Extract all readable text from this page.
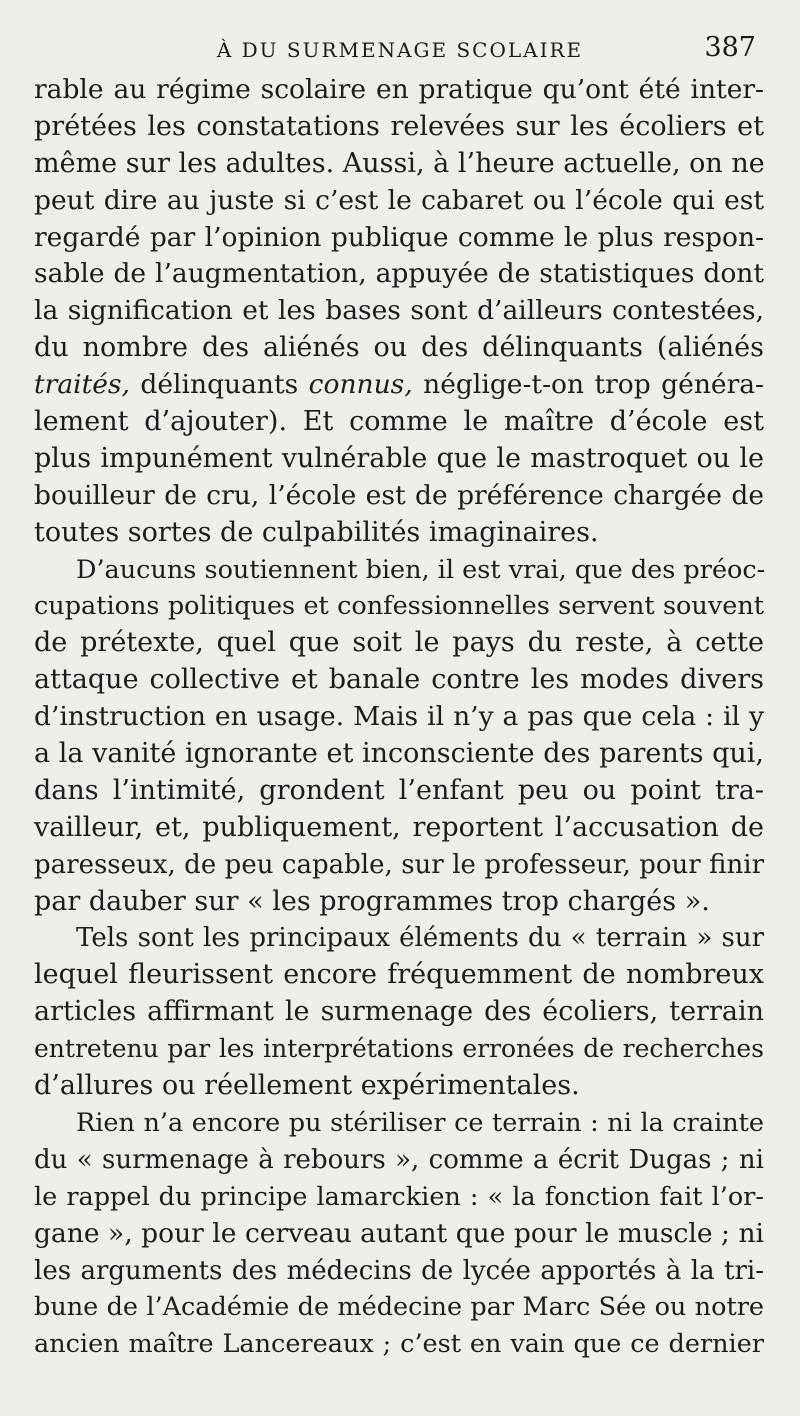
À DU SURMENAGE SCOLAIRE	387
rable au régime scolaire en pratique qu’ont été inter-
prétées les constatations relevées sur les écoliers et
même sur les adultes. Aussi, à l’heure actuelle, on ne
peut dire au juste si c’est le cabaret ou l’école qui est
regardé par l’opinion publique comme le plus respon-
sable de l’augmentation, appuyée de statistiques dont
la signification et les bases sont d’ailleurs contestées,
du nombre des aliénés ou des délinquants (aliénés
traités, délinquants connus, néglige-t-on trop généra-
lement d’ajouter). Et comme le maître d’école est
plus impunément vulnérable que le mastroquet ou le
bouilleur de cru, l’école est de préférence chargée de
toutes sortes de culpabilités imaginaires.
D’aucuns soutiennent bien, il est vrai, que des préoc-
cupations politiques et confessionnelles servent souvent
de prétexte, quel que soit le pays du reste, à cette
attaque collective et banale contre les modes divers
d’instruction en usage. Mais il n’y a pas que cela : il y
a la vanité ignorante et inconsciente des parents qui,
dans l’intimité, grondent l’enfant peu ou point tra-
vailleur, et, publiquement, reportent l’accusation de
paresseux, de peu capable, sur le professeur, pour finir
par dauber sur « les programmes trop chargés ».
Tels sont les principaux éléments du « terrain » sur
lequel fleurissent encore fréquemment de nombreux
articles affirmant le surmenage des écoliers, terrain
entretenu par les interprétations erronées de recherches
d’allures ou réellement expérimentales.
Rien n’a encore pu stériliser ce terrain : ni la crainte
du « surmenage à rebours », comme a écrit Dugas ; ni
le rappel du principe lamarckien : « la fonction fait l’or-
gane », pour le cerveau autant que pour le muscle ; ni
les arguments des médecins de lycée apportés à la tri-
bune de l’Académie de médecine par Marc Sée ou notre
ancien maître Lancereaux ; c’est en vain que ce dernier
